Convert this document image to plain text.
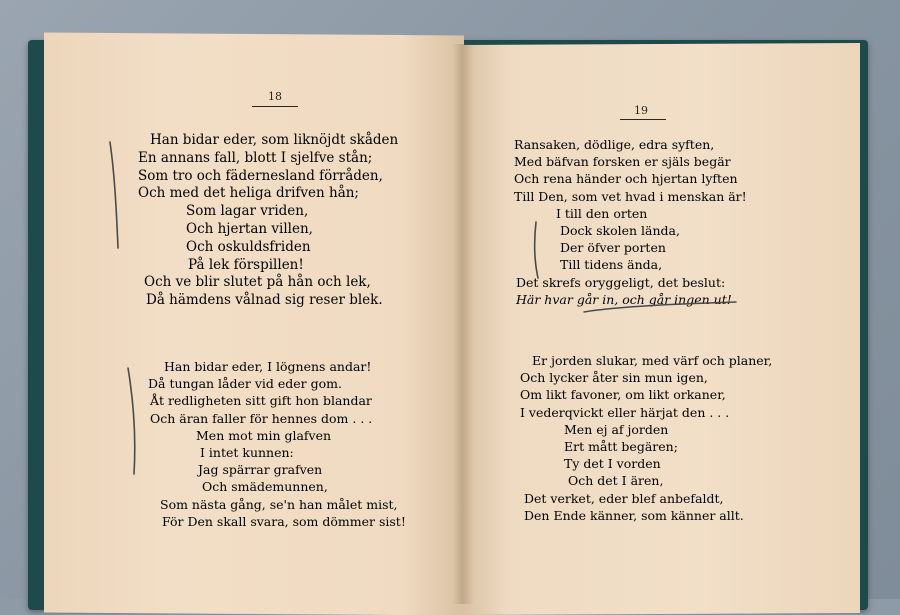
18
19
Han bidar eder, som liknöjdt skåden
En annans fall, blott I sjelfve stån;
Som tro och fädernesland förråden,
Och med det heliga drifven hån;
Som lagar vriden,
Och hjertan villen,
Och oskuldsfriden
På lek förspillen!
Och ve blir slutet på hån och lek,
Då hämdens vålnad sig reser blek.
Han bidar eder, I lögnens andar!
Då tungan låder vid eder gom.
Åt redligheten sitt gift hon blandar
Och äran faller för hennes dom . . .
Men mot min glafven
I intet kunnen:
Jag spärrar grafven
Och smädemunnen,
Som nästa gång, se'n han målet mist,
För Den skall svara, som dömmer sist!
Ransaken, dödlige, edra syften,
Med bäfvan forsken er själs begär
Och rena händer och hjertan lyften
Till Den, som vet hvad i menskan är!
I till den orten
Dock skolen lända,
Der öfver porten
Till tidens ända,
Det skrefs oryggeligt, det beslut:
Här hvar går in, och går ingen ut!
Er jorden slukar, med värf och planer,
Och lycker åter sin mun igen,
Om likt favoner, om likt orkaner,
I vederqvickt eller härjat den . . .
Men ej af jorden
Ert mått begären;
Ty det I vorden
Och det I ären,
Det verket, eder blef anbefaldt,
Den Ende känner, som känner allt.
